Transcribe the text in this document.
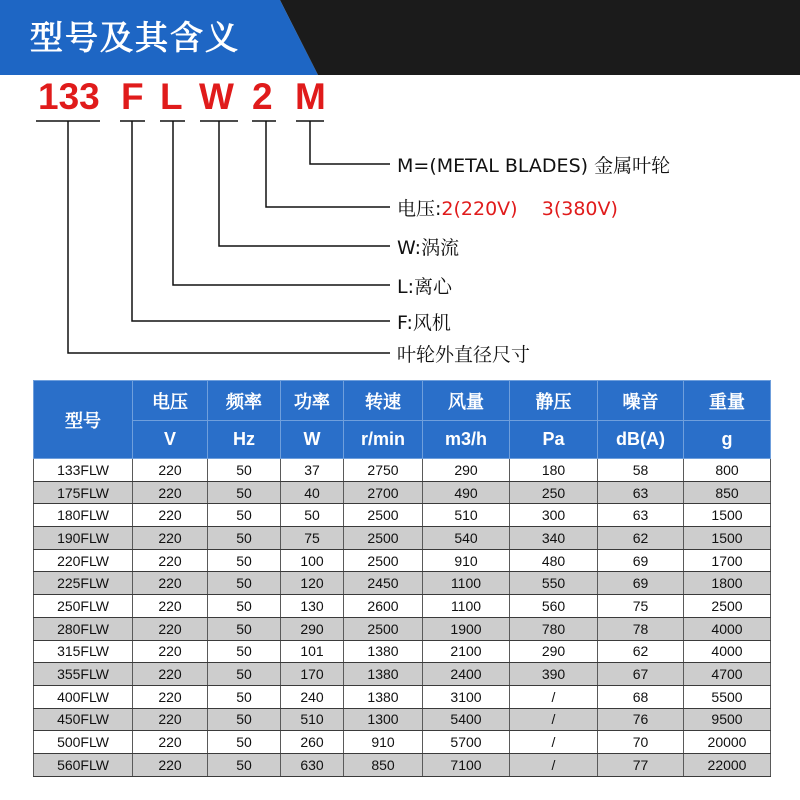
型号及其含义
133 F L W 2 M
M=(METAL BLADES) 金属叶轮
电压:2(220V)    3(380V)
W:涡流
L:离心
F:风机
叶轮外直径尺寸
型号	电压	频率	功率	转速	风量	静压	噪音	重量
	V	Hz	W	r/min	m3/h	Pa	dB(A)	g
133FLW	220	50	37	2750	290	180	58	800
175FLW	220	50	40	2700	490	250	63	850
180FLW	220	50	50	2500	510	300	63	1500
190FLW	220	50	75	2500	540	340	62	1500
220FLW	220	50	100	2500	910	480	69	1700
225FLW	220	50	120	2450	1100	550	69	1800
250FLW	220	50	130	2600	1100	560	75	2500
280FLW	220	50	290	2500	1900	780	78	4000
315FLW	220	50	101	1380	2100	290	62	4000
355FLW	220	50	170	1380	2400	390	67	4700
400FLW	220	50	240	1380	3100	/	68	5500
450FLW	220	50	510	1300	5400	/	76	9500
500FLW	220	50	260	910	5700	/	70	20000
560FLW	220	50	630	850	7100	/	77	22000
